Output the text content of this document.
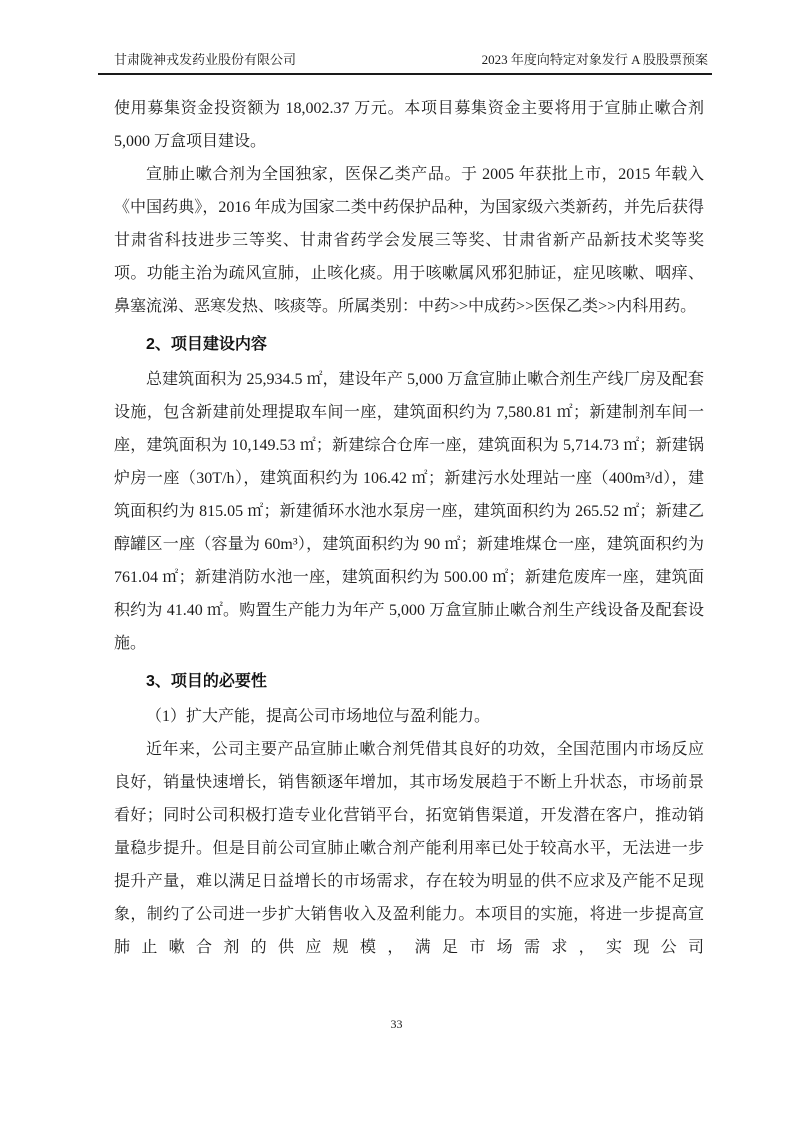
甘肃陇神戎发药业股份有限公司	2023 年度向特定对象发行 A 股股票预案

使用募集资金投资额为 18,002.37 万元。本项目募集资金主要将用于宣肺止嗽合剂 5,000 万盒项目建设。

宣肺止嗽合剂为全国独家，医保乙类产品。于 2005 年获批上市，2015 年载入《中国药典》，2016 年成为国家二类中药保护品种，为国家级六类新药，并先后获得甘肃省科技进步三等奖、甘肃省药学会发展三等奖、甘肃省新产品新技术奖等奖项。功能主治为疏风宣肺，止咳化痰。用于咳嗽属风邪犯肺证，症见咳嗽、咽痒、鼻塞流涕、恶寒发热、咳痰等。所属类别：中药>>中成药>>医保乙类>>内科用药。

2、项目建设内容

总建筑面积为 25,934.5 ㎡，建设年产 5,000 万盒宣肺止嗽合剂生产线厂房及配套设施，包含新建前处理提取车间一座，建筑面积约为 7,580.81 ㎡；新建制剂车间一座，建筑面积为 10,149.53 ㎡；新建综合仓库一座，建筑面积为 5,714.73 ㎡；新建锅炉房一座（30T/h），建筑面积约为 106.42 ㎡；新建污水处理站一座（400m³/d），建筑面积约为 815.05 ㎡；新建循环水池水泵房一座，建筑面积约为 265.52 ㎡；新建乙醇罐区一座（容量为 60m³），建筑面积约为 90 ㎡；新建堆煤仓一座，建筑面积约为 761.04 ㎡；新建消防水池一座，建筑面积约为 500.00 ㎡；新建危废库一座，建筑面积约为 41.40 ㎡。购置生产能力为年产 5,000 万盒宣肺止嗽合剂生产线设备及配套设施。

3、项目的必要性

（1）扩大产能，提高公司市场地位与盈利能力。

近年来，公司主要产品宣肺止嗽合剂凭借其良好的功效，全国范围内市场反应良好，销量快速增长，销售额逐年增加，其市场发展趋于不断上升状态，市场前景看好；同时公司积极打造专业化营销平台，拓宽销售渠道，开发潜在客户，推动销量稳步提升。但是目前公司宣肺止嗽合剂产能利用率已处于较高水平，无法进一步提升产量，难以满足日益增长的市场需求，存在较为明显的供不应求及产能不足现象，制约了公司进一步扩大销售收入及盈利能力。本项目的实施，将进一步提高宣肺止嗽合剂的供应规模，满足市场需求，实现公司

33
